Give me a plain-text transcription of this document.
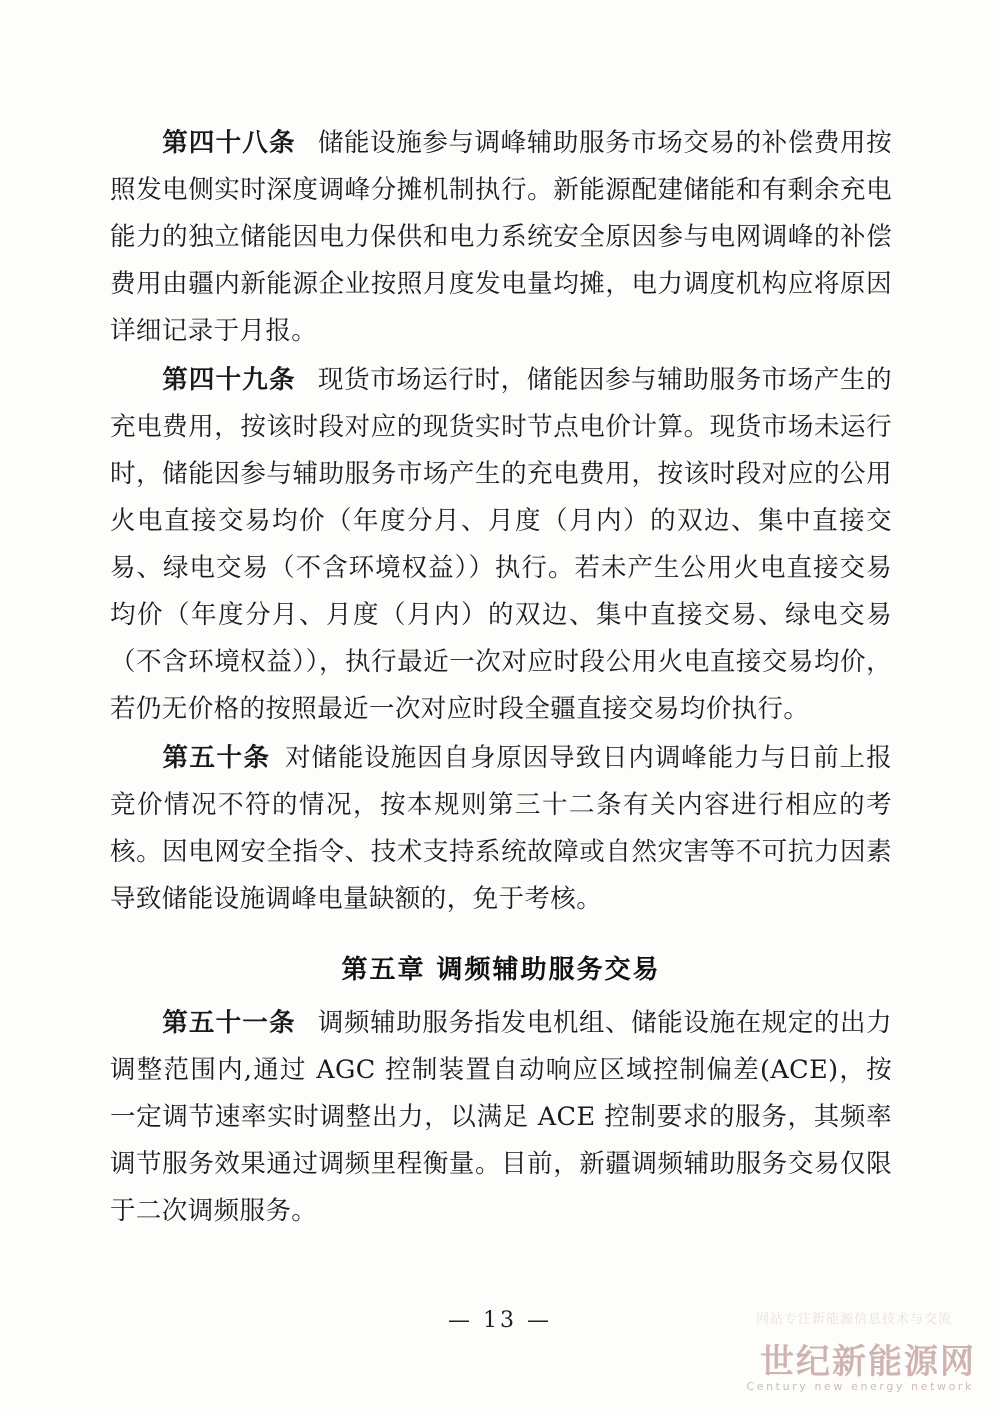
第四十八条 储能设施参与调峰辅助服务市场交易的补偿费用按照发电侧实时深度调峰分摊机制执行。新能源配建储能和有剩余充电能力的独立储能因电力保供和电力系统安全原因参与电网调峰的补偿费用由疆内新能源企业按照月度发电量均摊，电力调度机构应将原因详细记录于月报。

第四十九条 现货市场运行时，储能因参与辅助服务市场产生的充电费用，按该时段对应的现货实时节点电价计算。现货市场未运行时，储能因参与辅助服务市场产生的充电费用，按该时段对应的公用火电直接交易均价（年度分月、月度（月内）的双边、集中直接交易、绿电交易（不含环境权益））执行。若未产生公用火电直接交易均价（年度分月、月度（月内）的双边、集中直接交易、绿电交易（不含环境权益）），执行最近一次对应时段公用火电直接交易均价，若仍无价格的按照最近一次对应时段全疆直接交易均价执行。

第五十条 对储能设施因自身原因导致日内调峰能力与日前上报竞价情况不符的情况，按本规则第三十二条有关内容进行相应的考核。因电网安全指令、技术支持系统故障或自然灾害等不可抗力因素导致储能设施调峰电量缺额的，免于考核。

第五章 调频辅助服务交易

第五十一条 调频辅助服务指发电机组、储能设施在规定的出力调整范围内,通过 AGC 控制装置自动响应区域控制偏差(ACE)，按一定调节速率实时调整出力，以满足 ACE 控制要求的服务，其频率调节服务效果通过调频里程衡量。目前，新疆调频辅助服务交易仅限于二次调频服务。

— 13 —	网站专注新能源信息技术与交流
世纪新能源网
Century new energy network
